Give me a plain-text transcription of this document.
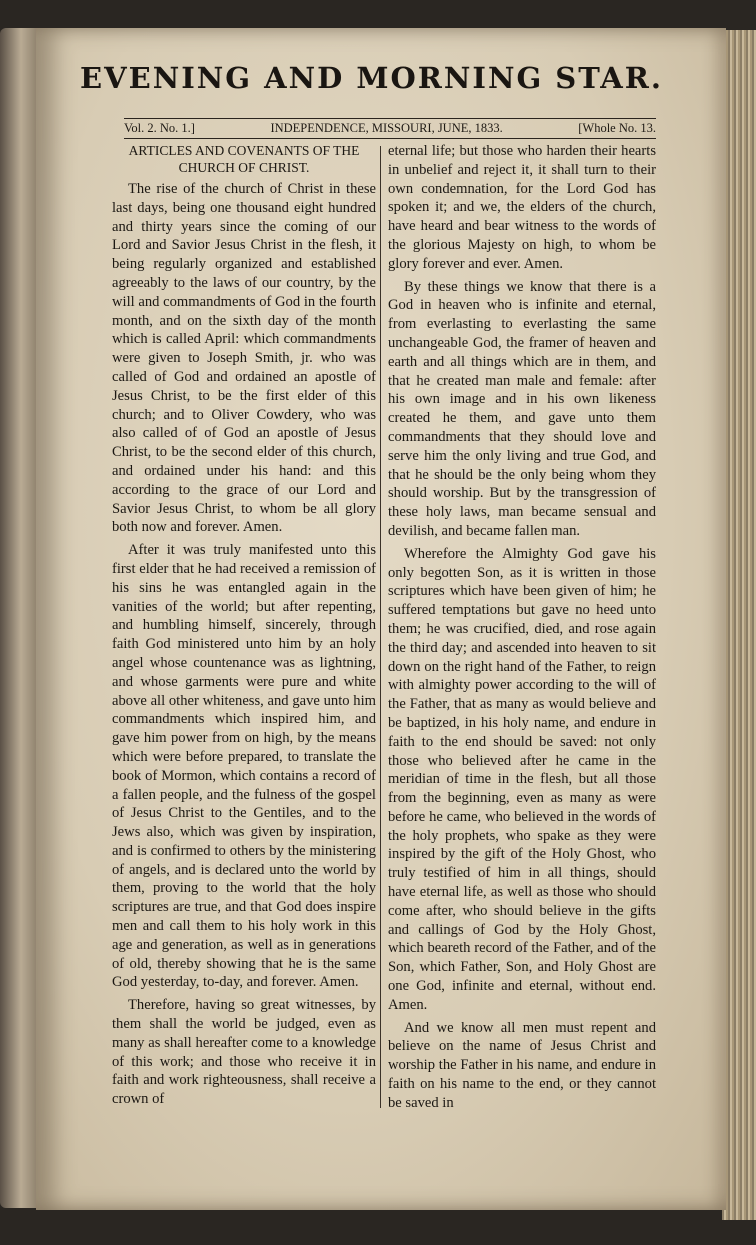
EVENING AND MORNING STAR.
Vol. 2. No. 1.]	INDEPENDENCE, MISSOURI, JUNE, 1833.	[Whole No. 13.
ARTICLES AND COVENANTS OF THE CHURCH OF CHRIST.

The rise of the church of Christ in these last days, being one thousand eight hundred and thirty years since the coming of our Lord and Savior Jesus Christ in the flesh, it being regularly organized and established agreeably to the laws of our country, by the will and commandments of God in the fourth month, and on the sixth day of the month which is called April: which commandments were given to Joseph Smith, jr. who was called of God and ordained an apostle of Jesus Christ, to be the first elder of this church; and to Oliver Cowdery, who was also called of of God an apostle of Jesus Christ, to be the second elder of this church, and ordained under his hand: and this according to the grace of our Lord and Savior Jesus Christ, to whom be all glory both now and forever. Amen.

After it was truly manifested unto this first elder that he had received a remission of his sins he was entangled again in the vanities of the world; but after repenting, and humbling himself, sincerely, through faith God ministered unto him by an holy angel whose countenance was as lightning, and whose garments were pure and white above all other whiteness, and gave unto him commandments which inspired him, and gave him power from on high, by the means which were before prepared, to translate the book of Mormon, which contains a record of a fallen people, and the fulness of the gospel of Jesus Christ to the Gentiles, and to the Jews also, which was given by inspiration, and is confirmed to others by the ministering of angels, and is declared unto the world by them, proving to the world that the holy scriptures are true, and that God does inspire men and call them to his holy work in this age and generation, as well as in generations of old, thereby showing that he is the same God yesterday, to-day, and forever. Amen.

Therefore, having so great witnesses, by them shall the world be judged, even as many as shall hereafter come to a knowledge of this work; and those who receive it in faith and work righteousness, shall receive a crown of

eternal life; but those who harden their hearts in unbelief and reject it, it shall turn to their own condemnation, for the Lord God has spoken it; and we, the elders of the church, have heard and bear witness to the words of the glorious Majesty on high, to whom be glory forever and ever. Amen.

By these things we know that there is a God in heaven who is infinite and eternal, from everlasting to everlasting the same unchangeable God, the framer of heaven and earth and all things which are in them, and that he created man male and female: after his own image and in his own likeness created he them, and gave unto them commandments that they should love and serve him the only living and true God, and that he should be the only being whom they should worship. But by the transgression of these holy laws, man became sensual and devilish, and became fallen man.

Wherefore the Almighty God gave his only begotten Son, as it is written in those scriptures which have been given of him; he suffered temptations but gave no heed unto them; he was crucified, died, and rose again the third day; and ascended into heaven to sit down on the right hand of the Father, to reign with almighty power according to the will of the Father, that as many as would believe and be baptized, in his holy name, and endure in faith to the end should be saved: not only those who believed after he came in the meridian of time in the flesh, but all those from the beginning, even as many as were before he came, who believed in the words of the holy prophets, who spake as they were inspired by the gift of the Holy Ghost, who truly testified of him in all things, should have eternal life, as well as those who should come after, who should believe in the gifts and callings of God by the Holy Ghost, which beareth record of the Father, and of the Son, which Father, Son, and Holy Ghost are one God, infinite and eternal, without end. Amen.

And we know all men must repent and believe on the name of Jesus Christ and worship the Father in his name, and endure in faith on his name to the end, or they cannot be saved in
